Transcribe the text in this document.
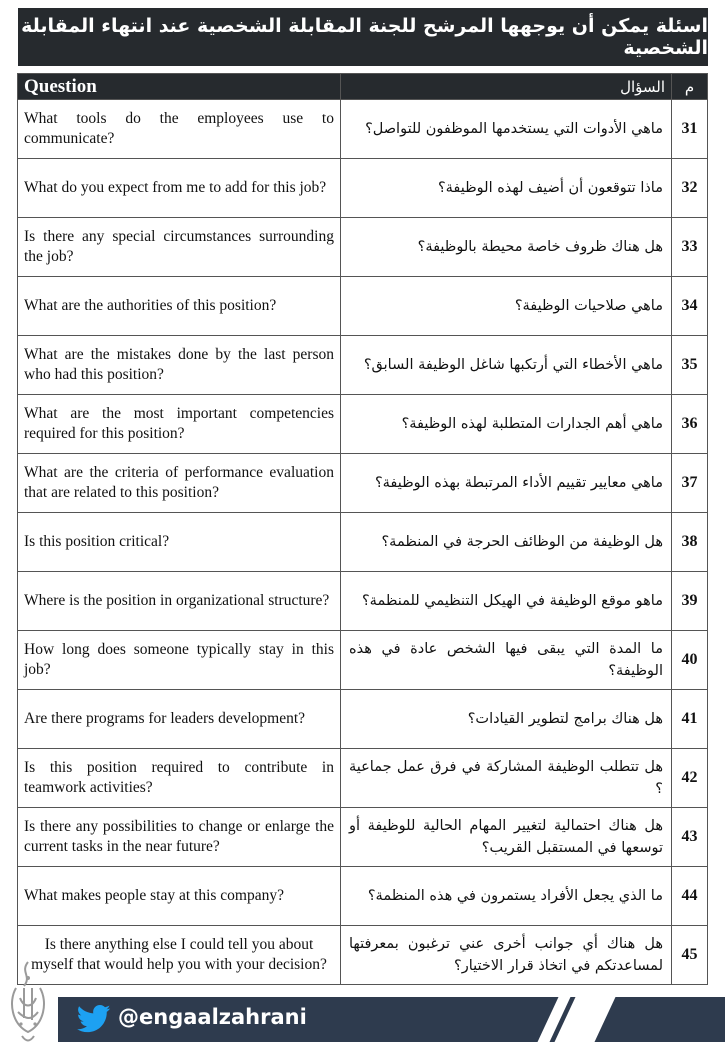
اسئلة يمكن أن يوجهها المرشح للجنة المقابلة الشخصية عند انتهاء المقابلة الشخصية
Question	السؤال	م
What tools do the employees use to communicate?	ماهي الأدوات التي يستخدمها الموظفون للتواصل؟	31
What do you expect from me to add for this job?	ماذا تتوقعون أن أضيف لهذه الوظيفة؟	32
Is there any special circumstances surrounding the job?	هل هناك ظروف خاصة محيطة بالوظيفة؟	33
What are the authorities of this position?	ماهي صلاحيات الوظيفة؟	34
What are the mistakes done by the last person who had this position?	ماهي الأخطاء التي أرتكبها شاغل الوظيفة السابق؟	35
What are the most important competencies required for this position?	ماهي أهم الجدارات المتطلبة لهذه الوظيفة؟	36
What are the criteria of performance evaluation that are related to this position?	ماهي معايير تقييم الأداء المرتبطة بهذه الوظيفة؟	37
Is this position critical?	هل الوظيفة من الوظائف الحرجة في المنظمة؟	38
Where is the position in organizational structure?	ماهو موقع الوظيفة في الهيكل التنظيمي للمنظمة؟	39
How long does someone typically stay in this job?	ما المدة التي يبقى فيها الشخص عادة في هذه الوظيفة؟	40
Are there programs for leaders development?	هل هناك برامج لتطوير القيادات؟	41
Is this position required to contribute in teamwork activities?	هل تتطلب الوظيفة المشاركة في فرق عمل جماعية ؟	42
Is there any possibilities to change or enlarge the current tasks in the near future?	هل هناك احتمالية لتغيير المهام الحالية للوظيفة أو توسعها في المستقبل القريب؟	43
What makes people stay at this company?	ما الذي يجعل الأفراد يستمرون في هذه المنظمة؟	44
Is there anything else I could tell you about myself that would help you with your decision?	هل هناك أي جوانب أخرى عني ترغبون بمعرفتها لمساعدتكم في اتخاذ قرار الاختيار؟	45
@engaalzahrani
